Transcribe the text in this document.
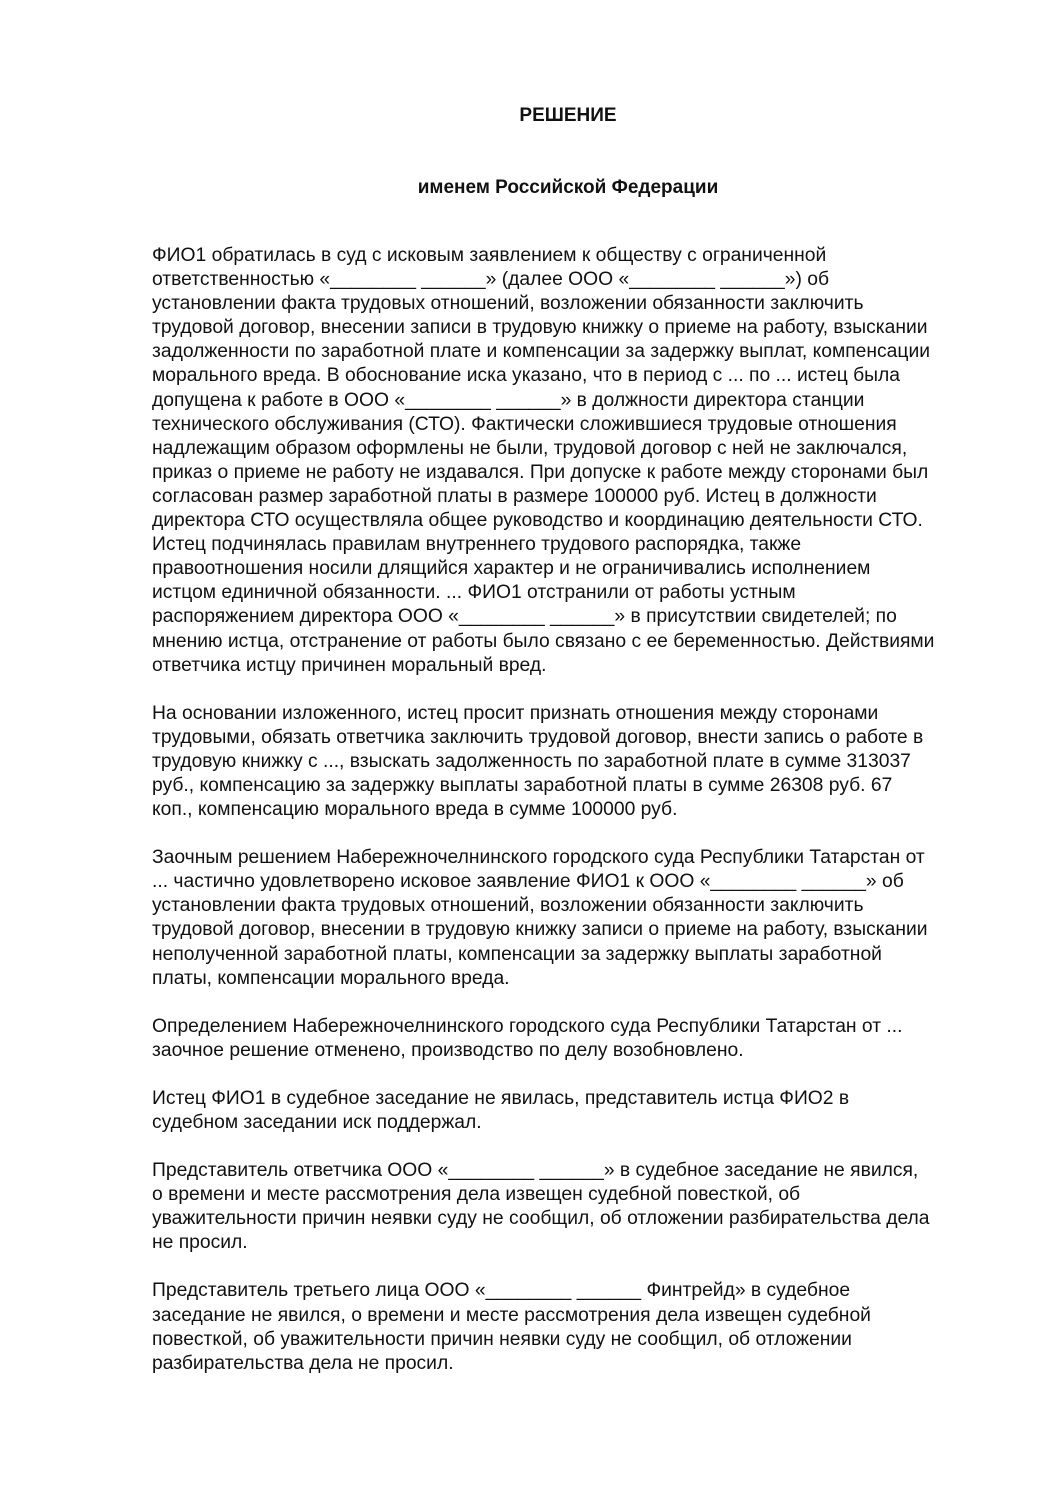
РЕШЕНИЕ
именем Российской Федерации

ФИО1 обратилась в суд с исковым заявлением к обществу с ограниченной
ответственностью «________ ______» (далее ООО «________ ______») об
установлении факта трудовых отношений, возложении обязанности заключить
трудовой договор, внесении записи в трудовую книжку о приеме на работу, взыскании
задолженности по заработной плате и компенсации за задержку выплат, компенсации
морального вреда. В обоснование иска указано, что в период с ... по ... истец была
допущена к работе в ООО «________ ______» в должности директора станции
технического обслуживания (СТО). Фактически сложившиеся трудовые отношения
надлежащим образом оформлены не были, трудовой договор с ней не заключался,
приказ о приеме не работу не издавался. При допуске к работе между сторонами был
согласован размер заработной платы в размере 100000 руб. Истец в должности
директора СТО осуществляла общее руководство и координацию деятельности СТО.
Истец подчинялась правилам внутреннего трудового распорядка, также
правоотношения носили длящийся характер и не ограничивались исполнением
истцом единичной обязанности. ... ФИО1 отстранили от работы устным
распоряжением директора ООО «________ ______» в присутствии свидетелей; по
мнению истца, отстранение от работы было связано с ее беременностью. Действиями
ответчика истцу причинен моральный вред.

На основании изложенного, истец просит признать отношения между сторонами
трудовыми, обязать ответчика заключить трудовой договор, внести запись о работе в
трудовую книжку с ..., взыскать задолженность по заработной плате в сумме 313037
руб., компенсацию за задержку выплаты заработной платы в сумме 26308 руб. 67
коп., компенсацию морального вреда в сумме 100000 руб.

Заочным решением Набережночелнинского городского суда Республики Татарстан от
... частично удовлетворено исковое заявление ФИО1 к ООО «________ ______» об
установлении факта трудовых отношений, возложении обязанности заключить
трудовой договор, внесении в трудовую книжку записи о приеме на работу, взыскании
неполученной заработной платы, компенсации за задержку выплаты заработной
платы, компенсации морального вреда.

Определением Набережночелнинского городского суда Республики Татарстан от ...
заочное решение отменено, производство по делу возобновлено.

Истец ФИО1 в судебное заседание не явилась, представитель истца ФИО2 в
судебном заседании иск поддержал.

Представитель ответчика ООО «________ ______» в судебное заседание не явился,
о времени и месте рассмотрения дела извещен судебной повесткой, об
уважительности причин неявки суду не сообщил, об отложении разбирательства дела
не просил.

Представитель третьего лица ООО «________ ______ Финтрейд» в судебное
заседание не явился, о времени и месте рассмотрения дела извещен судебной
повесткой, об уважительности причин неявки суду не сообщил, об отложении
разбирательства дела не просил.
